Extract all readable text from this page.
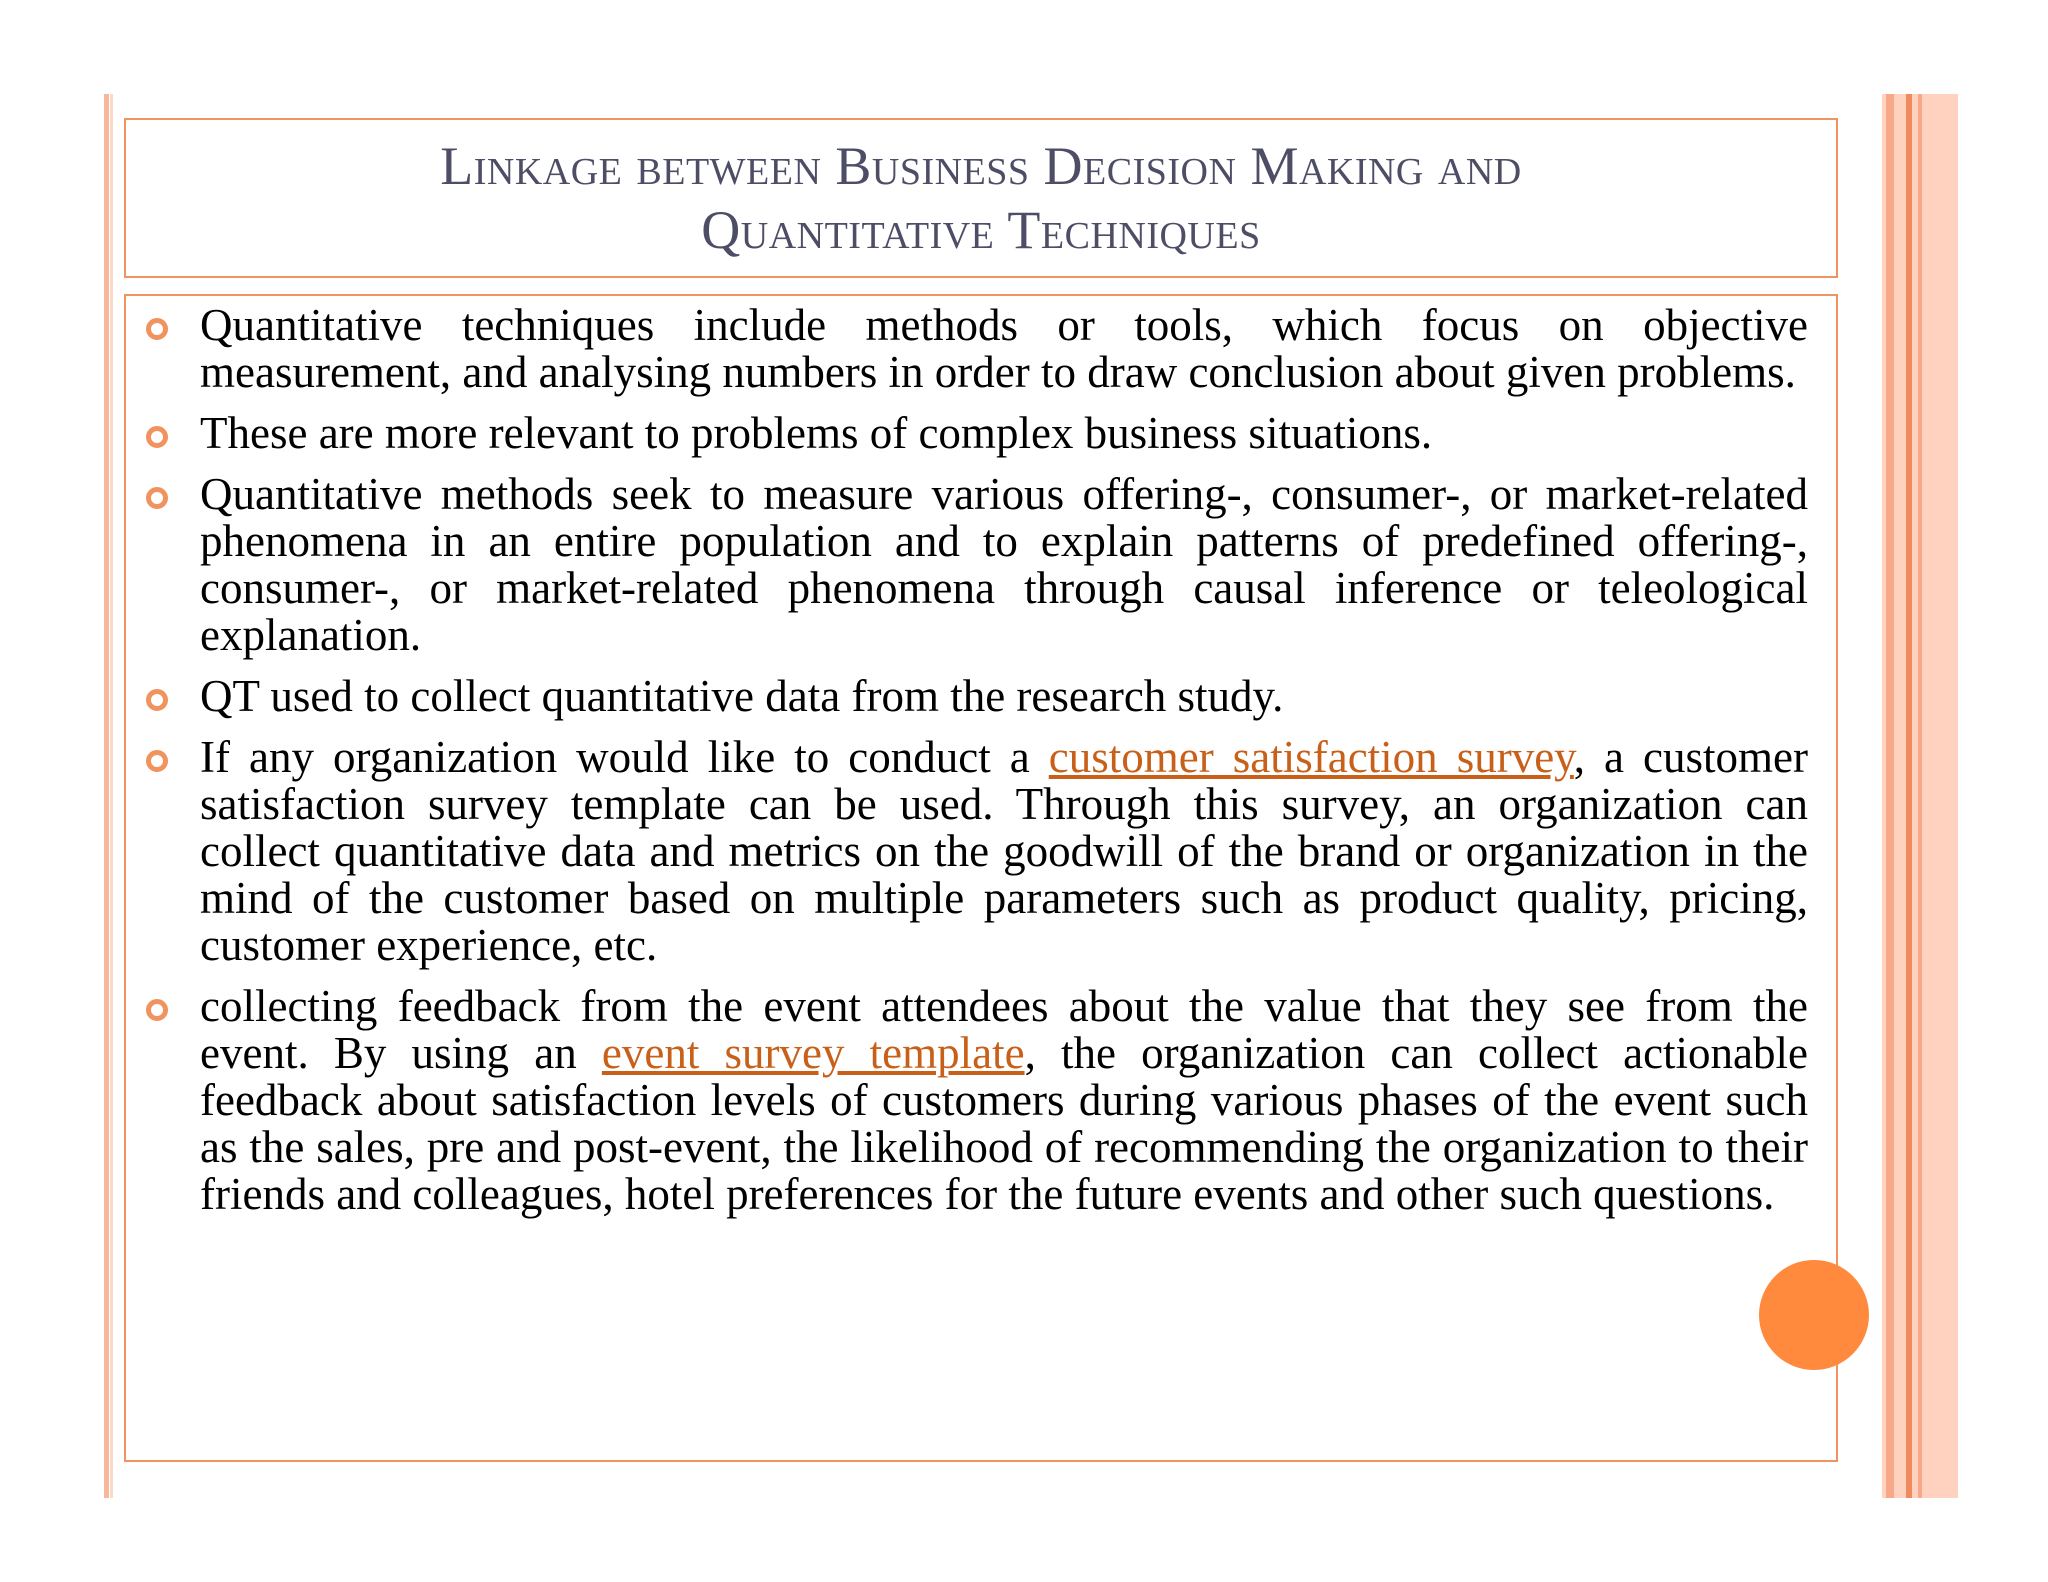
Linkage between Business Decision Making and
Quantitative Techniques
Quantitative techniques include methods or tools, which focus on objective measurement, and analysing numbers in order to draw conclusion about given problems.
These are more relevant to problems of complex business situations.
Quantitative methods seek to measure various offering-, consumer-, or market-related phenomena in an entire population and to explain patterns of predefined offering-, consumer-, or market-related phenomena through causal inference or teleological explanation.
QT used to collect quantitative data from the research study.
If any organization would like to conduct a customer satisfaction survey, a customer satisfaction survey template can be used. Through this survey, an organization can collect quantitative data and metrics on the goodwill of the brand or organization in the mind of the customer based on multiple parameters such as product quality, pricing, customer experience, etc.
collecting feedback from the event attendees about the value that they see from the event. By using an event survey template, the organization can collect actionable feedback about satisfaction levels of customers during various phases of the event such as the sales, pre and post-event, the likelihood of recommending the organization to their friends and colleagues, hotel preferences for the future events and other such questions.
